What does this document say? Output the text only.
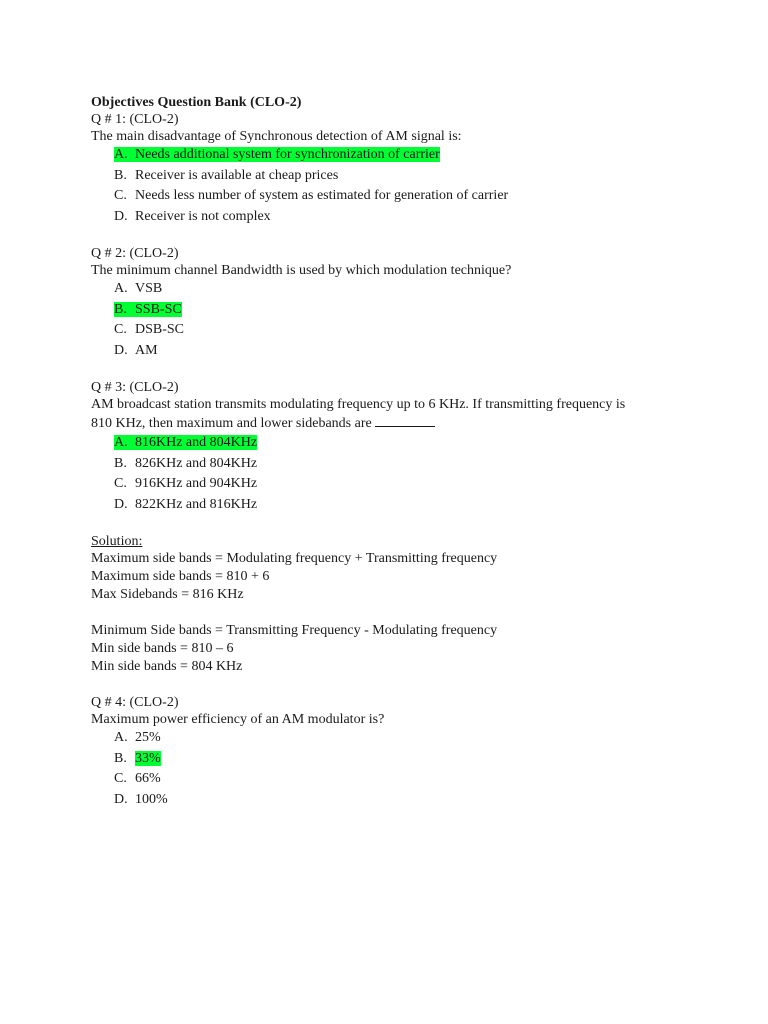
Objectives Question Bank (CLO-2)
Q # 1: (CLO-2)
The main disadvantage of Synchronous detection of AM signal is:
A. Needs additional system for synchronization of carrier
B. Receiver is available at cheap prices
C. Needs less number of system as estimated for generation of carrier
D. Receiver is not complex
Q # 2: (CLO-2)
The minimum channel Bandwidth is used by which modulation technique?
A. VSB
B. SSB-SC
C. DSB-SC
D. AM
Q # 3: (CLO-2)
AM broadcast station transmits modulating frequency up to 6 KHz. If transmitting frequency is
810 KHz, then maximum and lower sidebands are
A. 816KHz and 804KHz
B. 826KHz and 804KHz
C. 916KHz and 904KHz
D. 822KHz and 816KHz
Solution:
Maximum side bands = Modulating frequency + Transmitting frequency
Maximum side bands = 810 + 6
Max Sidebands = 816 KHz
Minimum Side bands = Transmitting Frequency - Modulating frequency
Min side bands = 810 – 6
Min side bands = 804 KHz
Q # 4: (CLO-2)
Maximum power efficiency of an AM modulator is?
A. 25%
B. 33%
C. 66%
D. 100%
